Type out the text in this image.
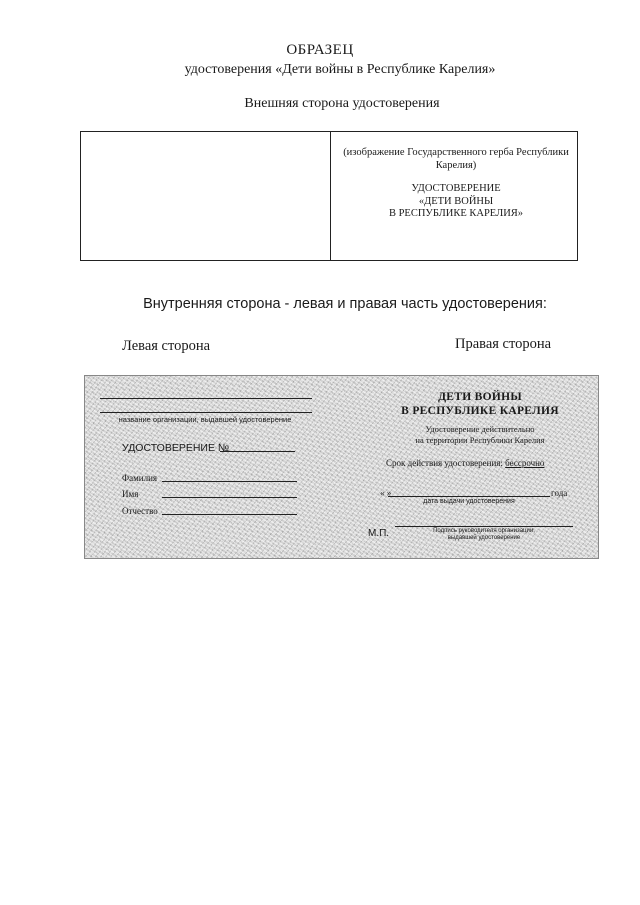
ОБРАЗЕЦ
удостоверения «Дети войны в Республике Карелия»
Внешняя сторона удостоверения
(изображение Государственного герба Республики Карелия)
УДОСТОВЕРЕНИЕ
«ДЕТИ ВОЙНЫ
В РЕСПУБЛИКЕ КАРЕЛИЯ»
Внутренняя сторона - левая и правая часть удостоверения:
Левая сторона	Правая сторона
название организации, выдавшей удостоверение
УДОСТОВЕРЕНИЕ №
Фамилия
Имя
Отчество
ДЕТИ ВОЙНЫ
В РЕСПУБЛИКЕ КАРЕЛИЯ
Удостоверение действительно
на территории Республики Карелия
Срок действия удостоверения: бессрочно
« »	года
дата выдачи удостоверения
М.П.	Подпись руководителя организации,
выдавшей удостоверение
